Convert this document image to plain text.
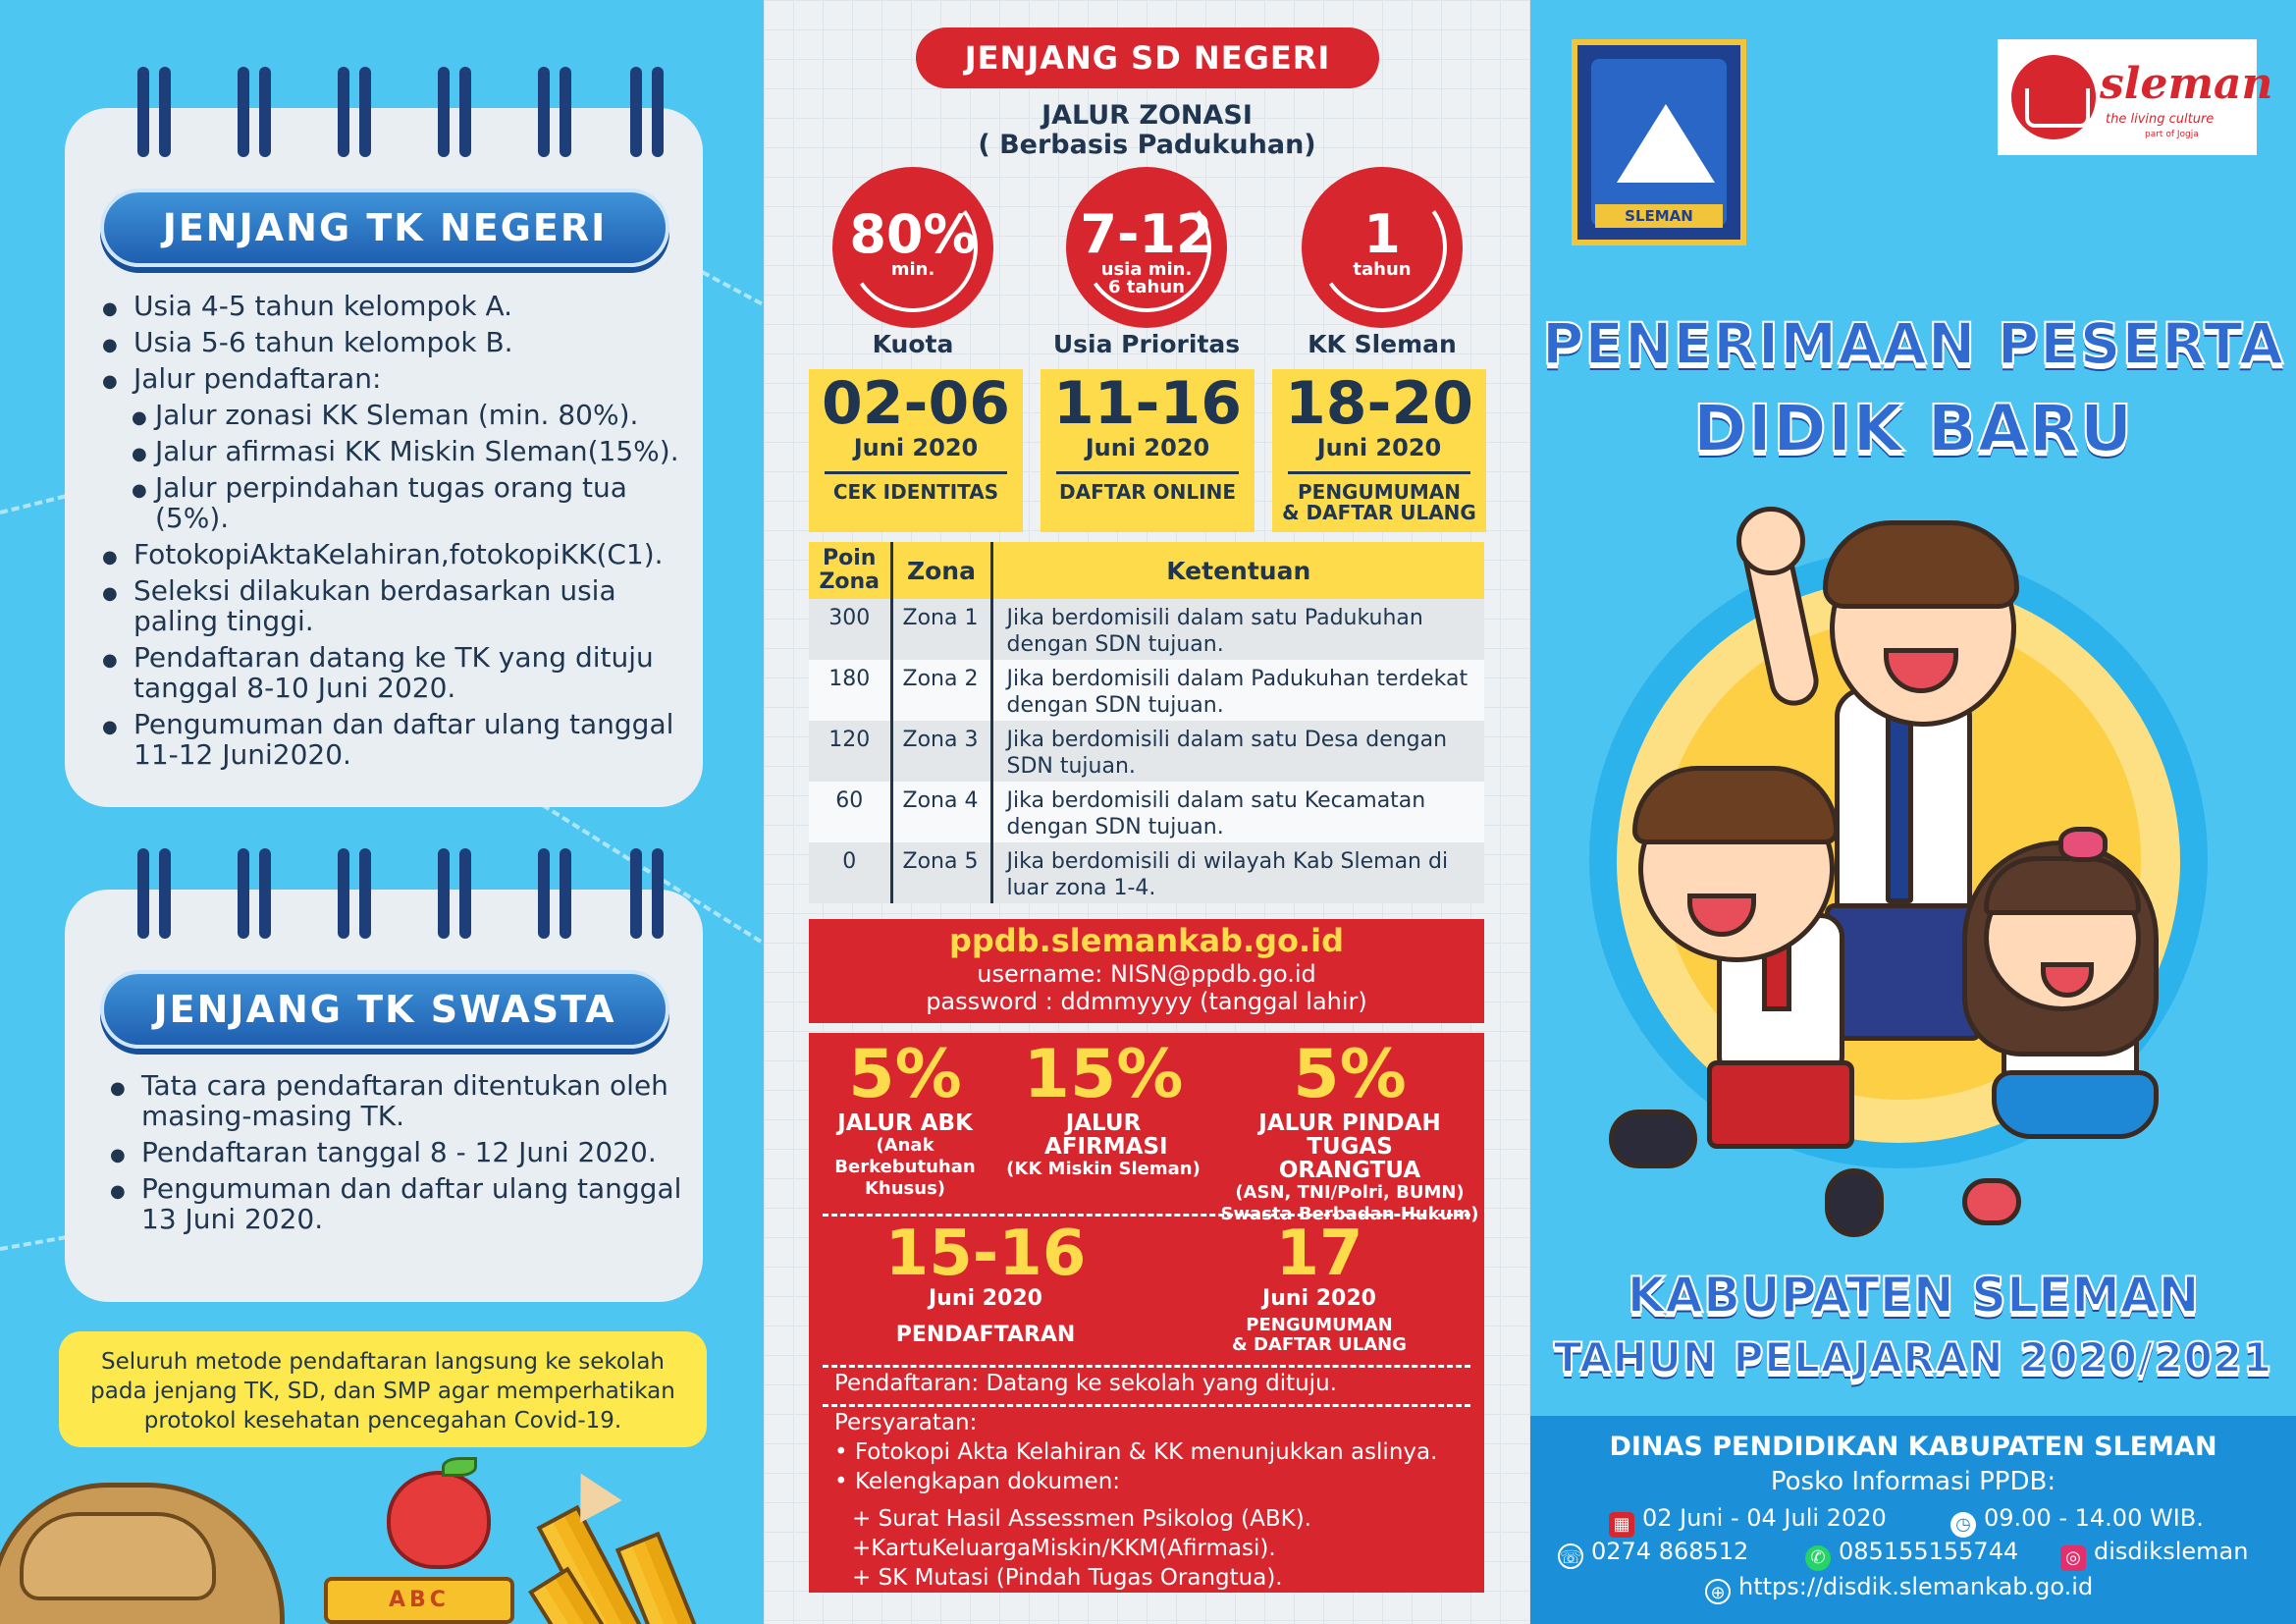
JENJANG TK NEGERI
● Usia 4-5 tahun kelompok A.
● Usia 5-6 tahun kelompok B.
● Jalur pendaftaran:
● Jalur zonasi KK Sleman (min. 80%).
● Jalur afirmasi KK Miskin Sleman(15%).
● Jalur perpindahan tugas orang tua (5%).
● FotokopiAktaKelahiran,fotokopiKK(C1).
● Seleksi dilakukan berdasarkan usia paling tinggi.
● Pendaftaran datang ke TK yang dituju tanggal 8-10 Juni 2020.
● Pengumuman dan daftar ulang tanggal 11-12 Juni2020.
JENJANG TK SWASTA
● Tata cara pendaftaran ditentukan oleh masing-masing TK.
● Pendaftaran tanggal 8 - 12 Juni 2020.
● Pengumuman dan daftar ulang tanggal 13 Juni 2020.
Seluruh metode pendaftaran langsung ke sekolah
pada jenjang TK, SD, dan SMP agar memperhatikan
protokol kesehatan pencegahan Covid-19.
ABC
JENJANG SD NEGERI
JALUR ZONASI
( Berbasis Padukuhan)
80%
min.
7-12
usia min.
6 tahun
1
tahun
Kuota	Usia Prioritas	KK Sleman
02-06
Juni 2020
CEK IDENTITAS
11-16
Juni 2020
DAFTAR ONLINE
18-20
Juni 2020
PENGUMUMAN
& DAFTAR ULANG
Poin Zona	Zona	Ketentuan
300	Zona 1	Jika berdomisili dalam satu Padukuhan dengan SDN tujuan.
180	Zona 2	Jika berdomisili dalam Padukuhan terdekat dengan SDN tujuan.
120	Zona 3	Jika berdomisili dalam satu Desa dengan SDN tujuan.
60	Zona 4	Jika berdomisili dalam satu Kecamatan dengan SDN tujuan.
0	Zona 5	Jika berdomisili di wilayah Kab Sleman di luar zona 1-4.
ppdb.slemankab.go.id
username: NISN@ppdb.go.id
password : ddmmyyyy (tanggal lahir)
5%
JALUR ABK
(Anak
Berkebutuhan
Khusus)
15%
JALUR AFIRMASI
(KK Miskin Sleman)
5%
JALUR PINDAH TUGAS ORANGTUA
(ASN, TNI/Polri, BUMN)
Swasta Berbadan Hukum)
15-16
Juni 2020
PENDAFTARAN
17
Juni 2020
PENGUMUMAN
& DAFTAR ULANG
Pendaftaran: Datang ke sekolah yang dituju.
Persyaratan:
• Fotokopi Akta Kelahiran & KK menunjukkan aslinya.
• Kelengkapan dokumen:
+ Surat Hasil Assessmen Psikolog (ABK).
+KartuKeluargaMiskin/KKM(Afirmasi).
+ SK Mutasi (Pindah Tugas Orangtua).
SLEMAN
sleman
the living culture
part of Jogja
PENERIMAAN PESERTA
DIDIK BARU
KABUPATEN SLEMAN
TAHUN PELAJARAN 2020/2021
DINAS PENDIDIKAN KABUPATEN SLEMAN
Posko Informasi PPDB:
▦ 02 Juni - 04 Juli 2020	◷ 09.00 - 14.00 WIB.
☏ 0274 868512	✆ 085155155744	◎ disdiksleman
⊕ https://disdik.slemankab.go.id
